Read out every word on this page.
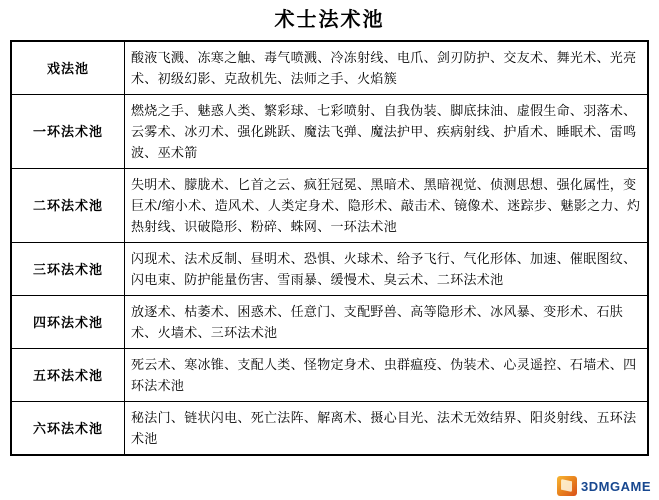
术士法术池
戏法池	酸液飞溅、冻寒之触、毒气喷溅、冷冻射线、电爪、剑刃防护、交友术、舞光术、光亮术、初级幻影、克敌机先、法师之手、火焰簇
一环法术池	燃烧之手、魅惑人类、繁彩球、七彩喷射、自我伪装、脚底抹油、虚假生命、羽落术、云雾术、冰刃术、强化跳跃、魔法飞弹、魔法护甲、疾病射线、护盾术、睡眠术、雷鸣波、巫术箭
二环法术池	失明术、朦胧术、匕首之云、疯狂冠冕、黑暗术、黑暗视觉、侦测思想、强化属性，变巨术/缩小术、造风术、人类定身术、隐形术、敲击术、镜像术、迷踪步、魅影之力、灼热射线、识破隐形、粉碎、蛛网、一环法术池
三环法术池	闪现术、法术反制、昼明术、恐惧、火球术、给予飞行、气化形体、加速、催眠图纹、闪电束、防护能量伤害、雪雨暴、缓慢术、臭云术、二环法术池
四环法术池	放逐术、枯萎术、困惑术、任意门、支配野兽、高等隐形术、冰风暴、变形术、石肤术、火墙术、三环法术池
五环法术池	死云术、寒冰锥、支配人类、怪物定身术、虫群瘟疫、伪装术、心灵遥控、石墙术、四环法术池
六环法术池	秘法门、链状闪电、死亡法阵、解离术、摄心目光、法术无效结界、阳炎射线、五环法术池
3DMGAME
